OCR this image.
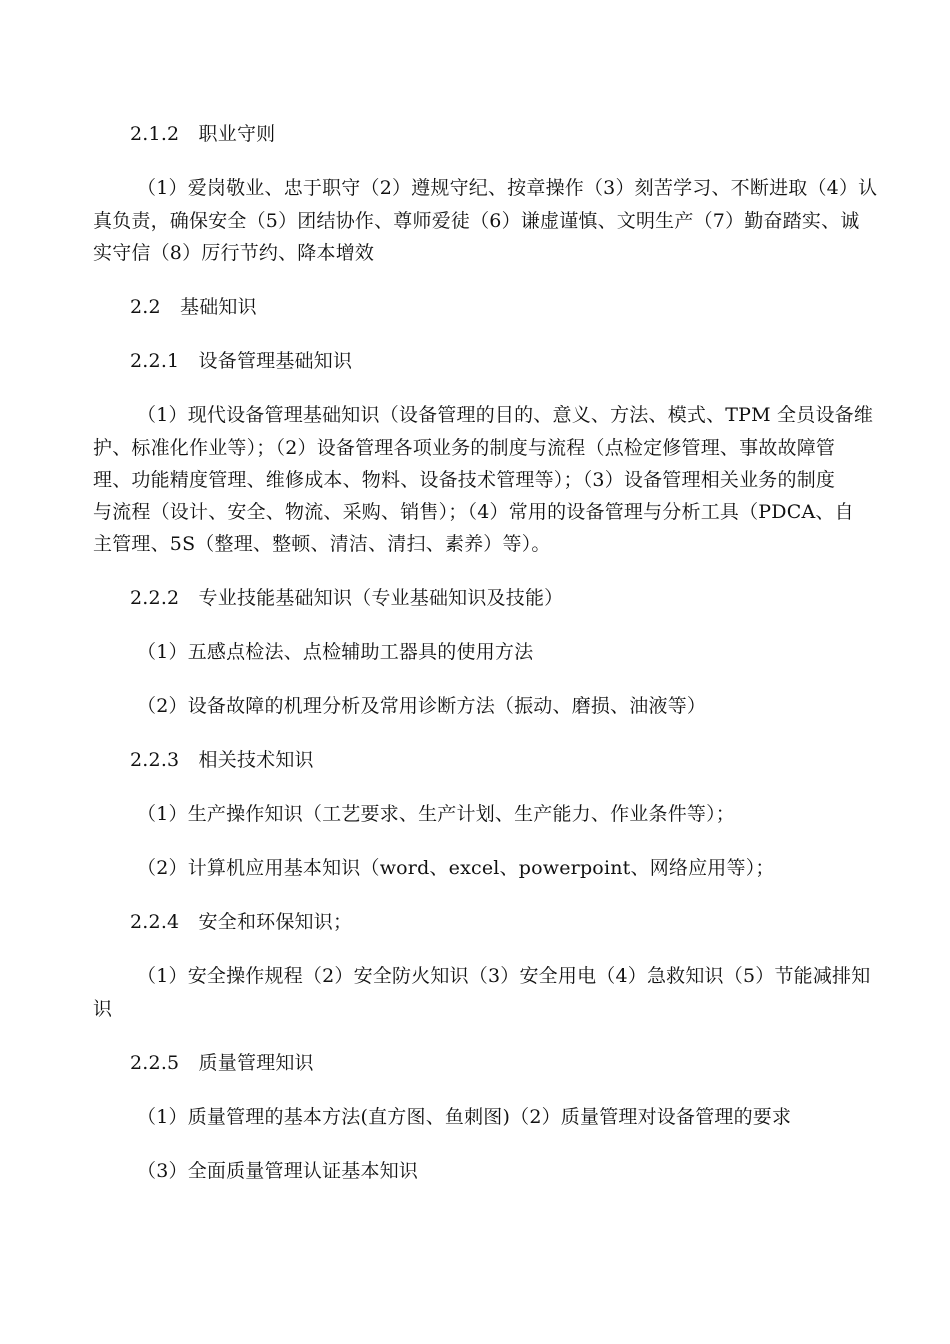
2.1.2　职业守则

（1）爱岗敬业、忠于职守（2）遵规守纪、按章操作（3）刻苦学习、不断进取（4）认

真负责，确保安全（5）团结协作、尊师爱徒（6）谦虚谨慎、文明生产（7）勤奋踏实、诚

实守信（8）厉行节约、降本增效

2.2　基础知识

2.2.1　设备管理基础知识

（1）现代设备管理基础知识（设备管理的目的、意义、方法、模式、TPM 全员设备维

护、标准化作业等）；（2）设备管理各项业务的制度与流程（点检定修管理、事故故障管

理、功能精度管理、维修成本、物料、设备技术管理等）；（3）设备管理相关业务的制度

与流程（设计、安全、物流、采购、销售）；（4）常用的设备管理与分析工具（PDCA、自

主管理、5S（整理、整顿、清洁、清扫、素养）等）。

2.2.2　专业技能基础知识（专业基础知识及技能）

（1）五感点检法、点检辅助工器具的使用方法

（2）设备故障的机理分析及常用诊断方法（振动、磨损、油液等）

2.2.3　相关技术知识

（1）生产操作知识（工艺要求、生产计划、生产能力、作业条件等）；

（2）计算机应用基本知识（word、excel、powerpoint、网络应用等）；

2.2.4　安全和环保知识；

（1）安全操作规程（2）安全防火知识（3）安全用电（4）急救知识（5）节能减排知

识

2.2.5　质量管理知识

（1）质量管理的基本方法(直方图、鱼刺图)（2）质量管理对设备管理的要求

（3）全面质量管理认证基本知识
